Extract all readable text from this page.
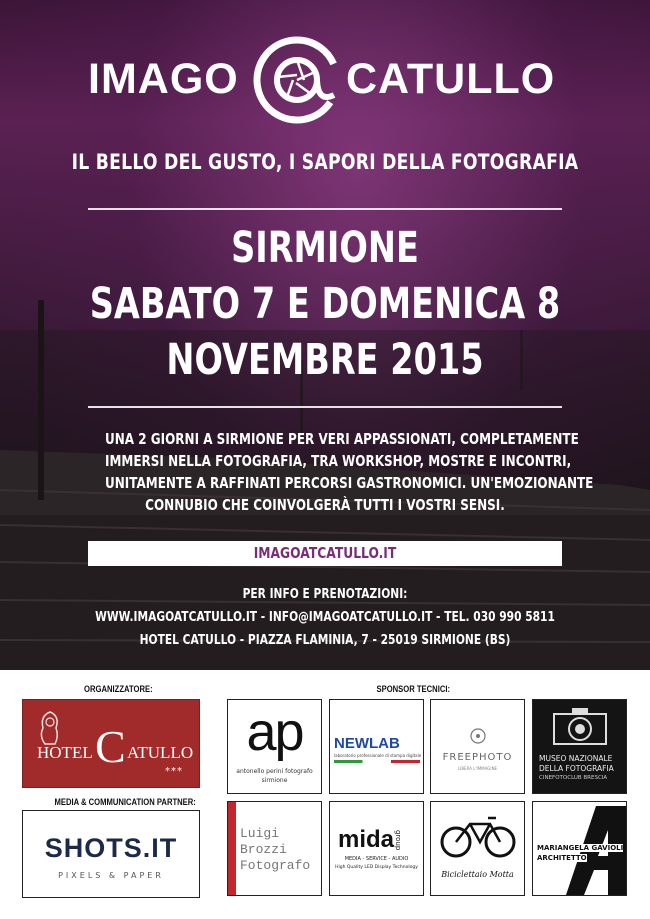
IMAGO CATULLO
IL BELLO DEL GUSTO, I SAPORI DELLA FOTOGRAFIA
SIRMIONE
SABATO 7 E DOMENICA 8
NOVEMBRE 2015

UNA 2 GIORNI A SIRMIONE PER VERI APPASSIONATI, COMPLETAMENTE

IMMERSI NELLA FOTOGRAFIA, TRA WORKSHOP, MOSTRE E INCONTRI,

UNITAMENTE A RAFFINATI PERCORSI GASTRONOMICI. UN'EMOZIONANTE

CONNUBIO CHE COINVOLGERÀ TUTTI I VOSTRI SENSI.

IMAGOATCATULLO.IT
PER INFO E PRENOTAZIONI:
WWW.IMAGOATCATULLO.IT - INFO@IMAGOATCATULLO.IT - TEL. 030 990 5811
HOTEL CATULLO - PIAZZA FLAMINIA, 7 - 25019 SIRMIONE (BS)
ORGANIZZATORE:
MEDIA & COMMUNICATION PARTNER:
SPONSOR TECNICI:
HOTEL C ATULLO
***
SHOTS.IT
PIXELS & PAPER
ap
antonello perini fotografo
sirmione
NEWLAB
laboratorio professionale di stampa digitale	FREEPHOTO
LIBERA L'IMMAGINE
MUSEO NAZIONALE
DELLA FOTOGRAFIA
CINEFOTOCLUB BRESCIA
Luigi
Brozzi
Fotografo
mida group
MEDIA - SERVICE - AUDIO
High Quality LED Display Technology
Biciclettaio Motta
MARIANGELA GAVIOLI
ARCHITETTO
